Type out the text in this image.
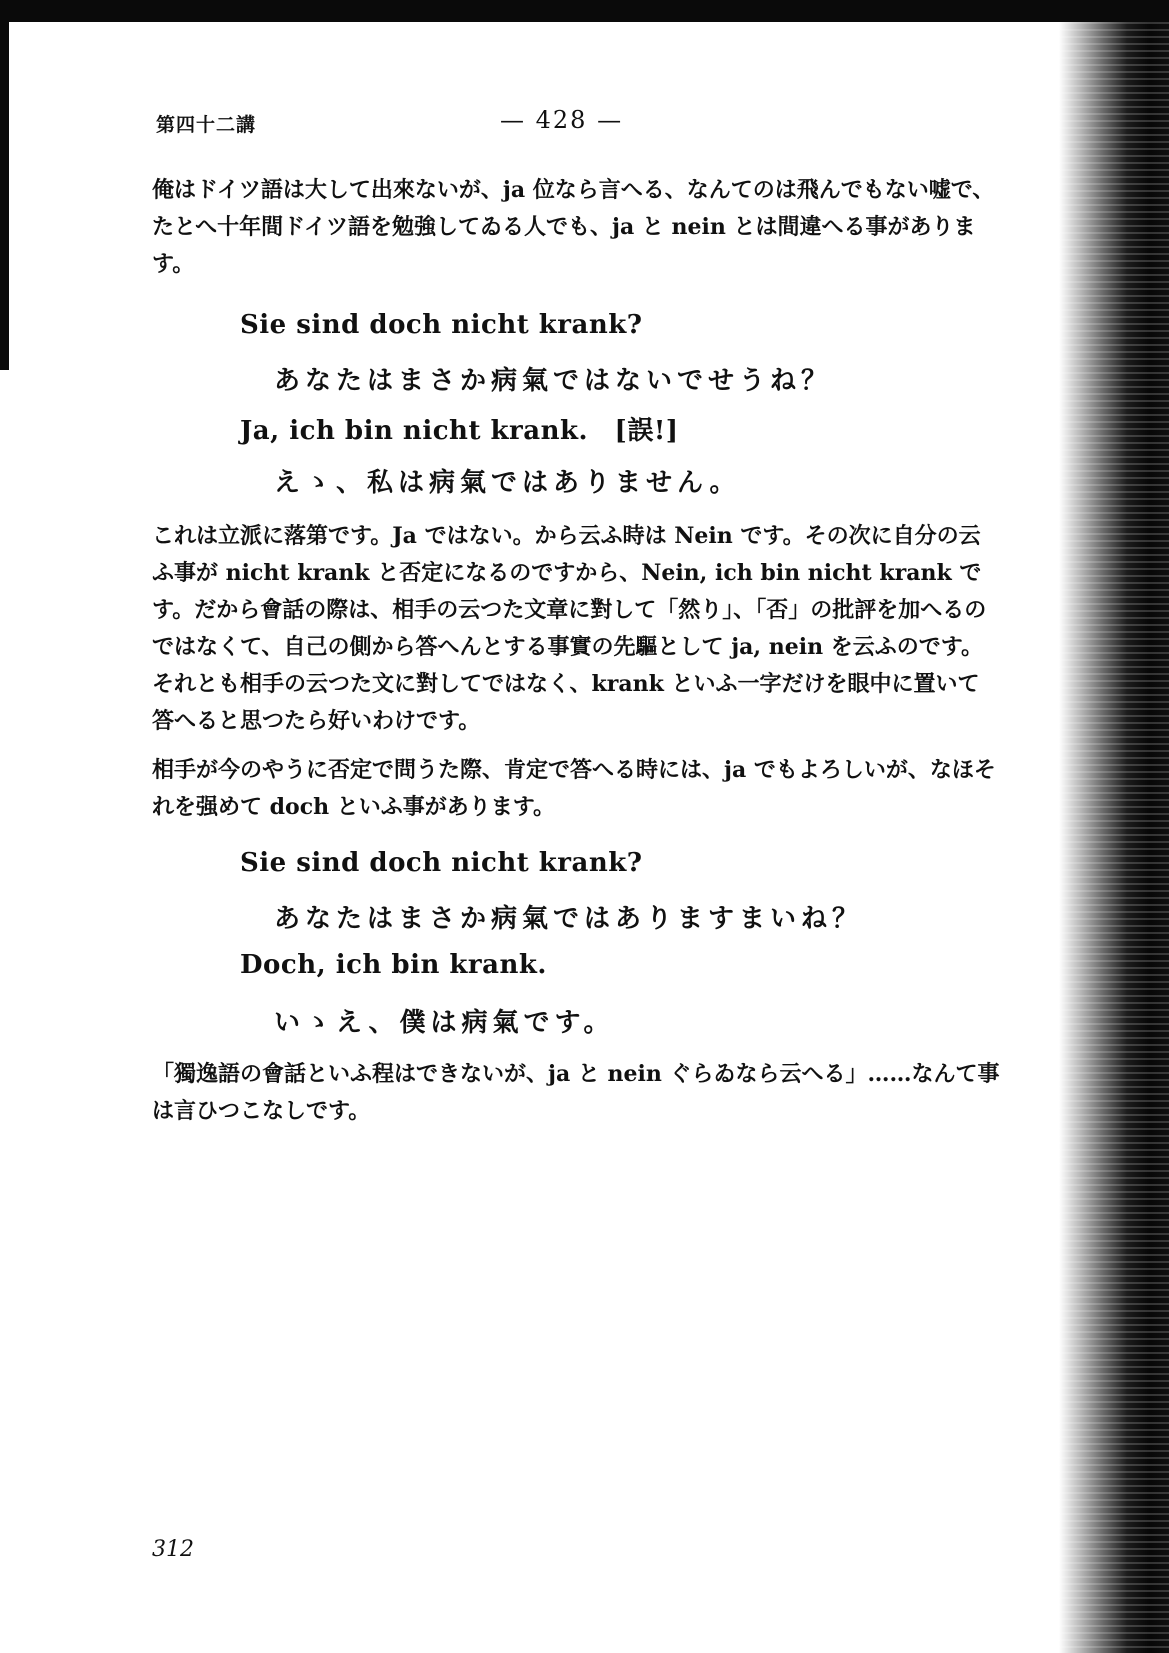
第四十二講	— 428 —
俺はドイツ語は大して出來ないが、ja 位なら言へる、なんてのは飛んでもない嘘で、たとへ十年間ドイツ語を勉強してゐる人でも、ja と nein とは間違へる事があります。
Sie sind doch nicht krank?
あなたはまさか病氣ではないでせうね？
Ja, ich bin nicht krank.　[誤!]
えゝ、私は病氣ではありません。
これは立派に落第です。Ja ではない。から云ふ時は Nein です。その次に自分の云ふ事が nicht krank と否定になるのですから、Nein, ich bin nicht krank です。だから會話の際は、相手の云つた文章に對して「然り」、「否」の批評を加へるのではなくて、自己の側から答へんとする事實の先驅として ja, nein を云ふのです。それとも相手の云つた文に對してではなく、krank といふ一字だけを眼中に置いて答へると思つたら好いわけです。
相手が今のやうに否定で問うた際、肯定で答へる時には、ja でもよろしいが、なほそれを强めて doch といふ事があります。
Sie sind doch nicht krank?
あなたはまさか病氣ではありますまいね？
Doch, ich bin krank.
いゝえ、僕は病氣です。
「獨逸語の會話といふ程はできないが、ja と nein ぐらゐなら云へる」……なんて事は言ひつこなしです。
312
